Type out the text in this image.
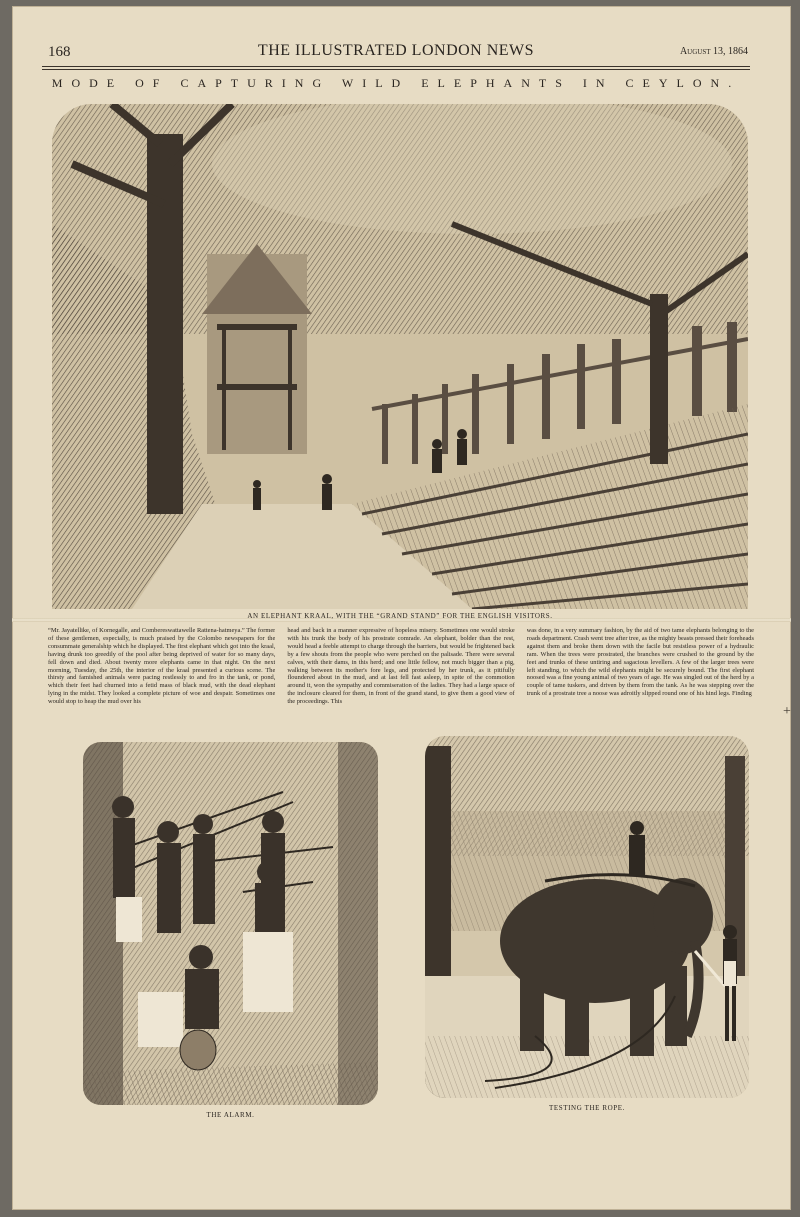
168	THE ILLUSTRATED LONDON NEWS	August 13, 1864
MODE OF CAPTURING WILD ELEPHANTS IN CEYLON.
AN ELEPHANT KRAAL, WITH THE “GRAND STAND” FOR THE ENGLISH VISITORS.
“Mr. Jayatellike, of Kornegalle, and Combereswattawelle Rattena-hatmeya.” The former of these gentlemen, especially, is much praised by the Colombo newspapers for the consummate generalship which he displayed. The first elephant which got into the kraal, having drunk too greedily of the pool after being deprived of water for so many days, fell down and died. About twenty more elephants came in that night. On the next morning, Tuesday, the 25th, the interior of the kraal presented a curious scene. The thirsty and famished animals were pacing restlessly to and fro in the tank, or pond, which their feet had churned into a fetid mass of black mud, with the dead elephant lying in the midst. They looked a complete picture of woe and despair. Sometimes one would stop to heap the mud over his
head and back in a manner expressive of hopeless misery. Sometimes one would stroke with his trunk the body of his prostrate comrade. An elephant, bolder than the rest, would head a feeble attempt to charge through the barriers, but would be frightened back by a few shouts from the people who were perched on the palisade. There were several calves, with their dams, in this herd; and one little fellow, not much bigger than a pig, walking between its mother's fore legs, and protected by her trunk, as it pitifully floundered about in the mud, and at last fell fast asleep, in spite of the commotion around it, won the sympathy and commiseration of the ladies. They had a large space of the inclosure cleared for them, in front of the grand stand, to give them a good view of the proceedings. This
was done, in a very summary fashion, by the aid of two tame elephants belonging to the roads department. Crash went tree after tree, as the mighty beasts pressed their foreheads against them and broke them down with the facile but resistless power of a hydraulic ram. When the trees were prostrated, the branches were crushed to the ground by the feet and trunks of these untiring and sagacious levellers. A few of the larger trees were left standing, to which the wild elephants might be securely bound. The first elephant noosed was a fine young animal of two years of age. He was singled out of the herd by a couple of tame tuskers, and driven by them from the tank. As he was stepping over the trunk of a prostrate tree a noose was adroitly slipped round one of his hind legs. Finding
+
THE ALARM.
TESTING THE ROPE.
